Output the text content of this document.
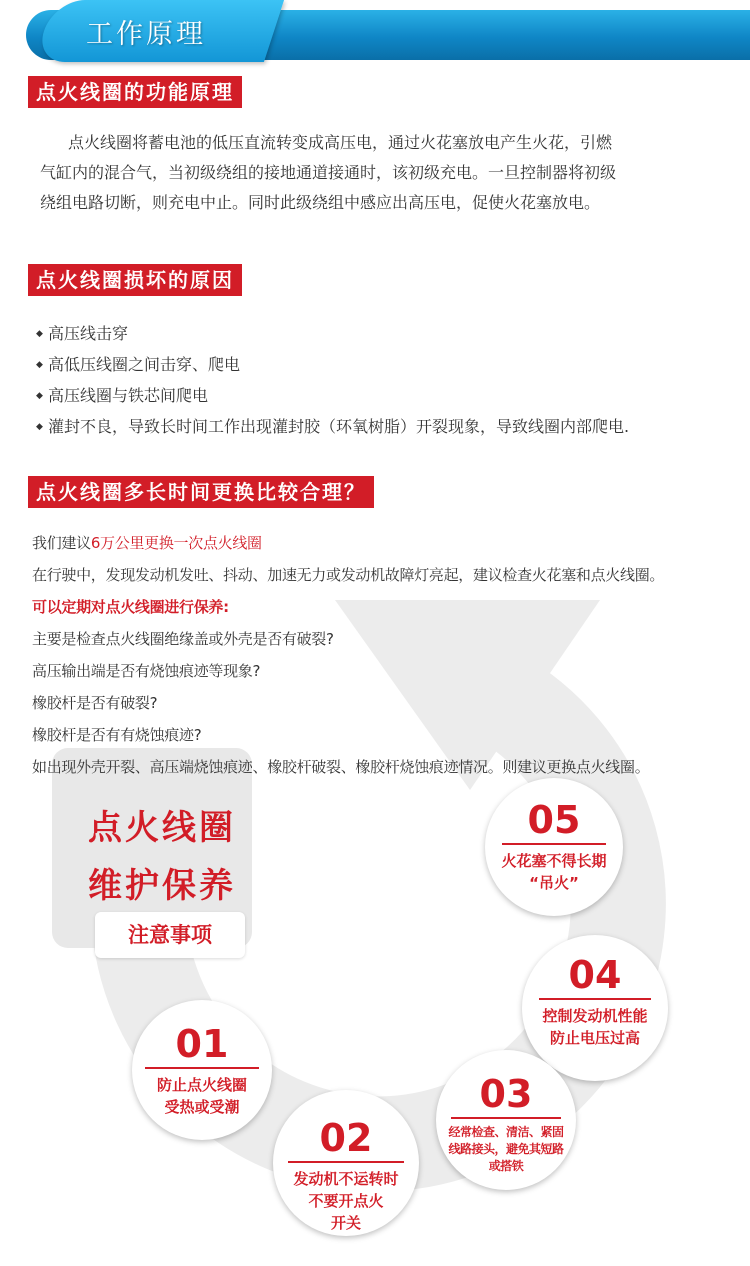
工作原理
点火线圈的功能原理
点火线圈将蓄电池的低压直流转变成高压电，通过火花塞放电产生火花，引燃
气缸内的混合气，当初级绕组的接地通道接通时，该初级充电。一旦控制器将初级
绕组电路切断，则充电中止。同时此级绕组中感应出高压电，促使火花塞放电。
点火线圈损坏的原因
◆ 高压线击穿
◆ 高低压线圈之间击穿、爬电
◆ 高压线圈与铁芯间爬电
◆ 灌封不良，导致长时间工作出现灌封胶（环氧树脂）开裂现象，导致线圈内部爬电.
点火线圈多长时间更换比较合理？
我们建议6万公里更换一次点火线圈
在行驶中，发现发动机发吐、抖动、加速无力或发动机故障灯亮起，建议检查火花塞和点火线圈。
可以定期对点火线圈进行保养:
主要是检查点火线圈绝缘盖或外壳是否有破裂?
高压输出端是否有烧蚀痕迹等现象?
橡胶杆是否有破裂?
橡胶杆是否有有烧蚀痕迹?
如出现外壳开裂、高压端烧蚀痕迹、橡胶杆破裂、橡胶杆烧蚀痕迹情况。则建议更换点火线圈。
点火线圈
维护保养
注意事项
05
火花塞不得长期
“吊火”
04
控制发动机性能
防止电压过高
03
经常检查、清洁、紧固
线路接头，避免其短路
或搭铁
02
发动机不运转时
不要开点火
开关
01
防止点火线圈
受热或受潮
